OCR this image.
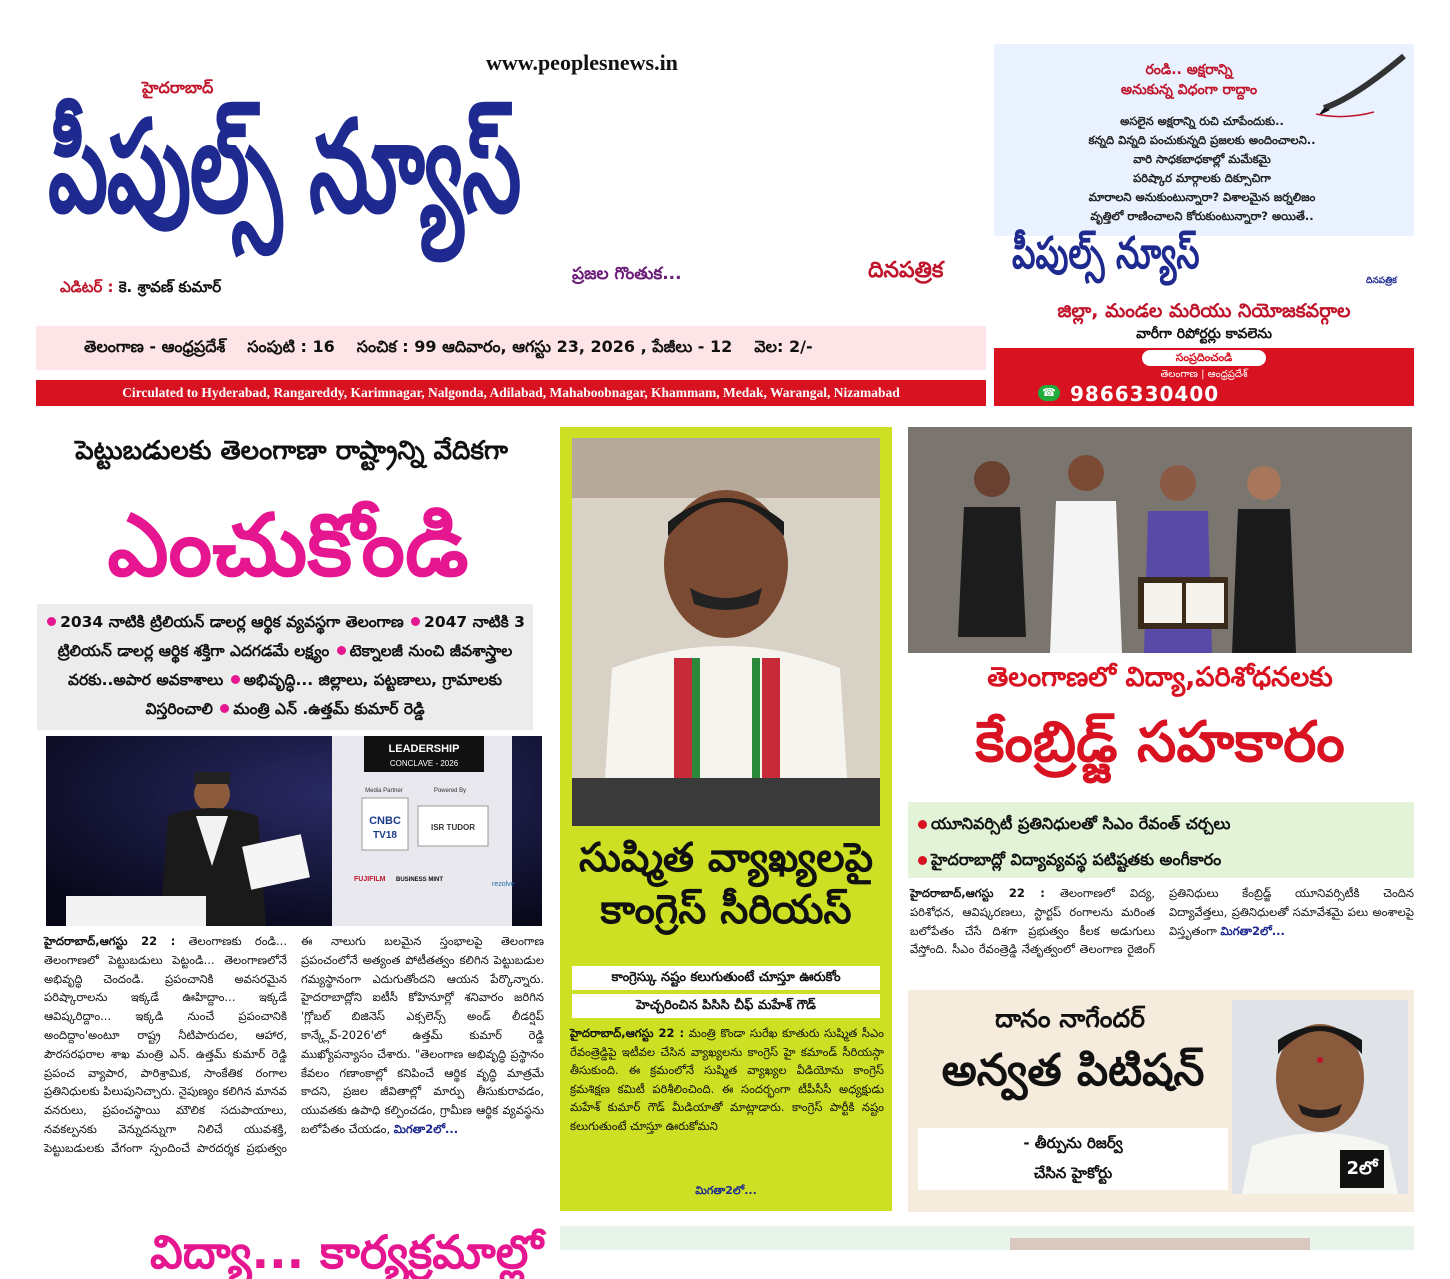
www.peoplesnews.in
హైదరాబాద్
పీపుల్స్ న్యూస్
ప్రజల గొంతుక...	దినపత్రిక
ఎడిటర్ : కె. శ్రావణ్ కుమార్
తెలంగాణ - ఆంధ్రప్రదేశ్ సంపుటి : 16 సంచిక : 99 ఆదివారం, ఆగస్టు 23, 2026 , పేజీలు - 12 వెల: 2/-
Circulated to Hyderabad, Rangareddy, Karimnagar, Nalgonda, Adilabad, Mahaboobnagar, Khammam, Medak, Warangal, Nizamabad
రండి.. అక్షరాన్ని
అనుకున్న విధంగా రాద్దాం
అసలైన అక్షరాన్ని రుచి చూపేందుకు..
కన్నది విన్నది పంచుకున్నది ప్రజలకు అందించాలని..
వారి సాధకబాధకాల్లో మమేకమై
పరిష్కార మార్గాలకు దిక్సూచిగా
మారాలని అనుకుంటున్నారా? విశాలమైన జర్నలిజం
వృత్తిలో రాణించాలని కోరుకుంటున్నారా? అయితే..
పీపుల్స్ న్యూస్
దినపత్రిక
జిల్లా, మండల మరియు నియోజకవర్గాల
వారీగా రిపోర్టర్లు కావలెను
సంప్రదించండి
తెలంగాణ | ఆంధ్రప్రదేశ్
☎ 9866330400
పెట్టుబడులకు తెలంగాణా రాష్ట్రాన్ని వేదికగా
ఎంచుకోండి
2034 నాటికి ట్రిలియన్ డాలర్ల ఆర్థిక వ్యవస్థగా తెలంగాణ 2047 నాటికి 3 ట్రిలియన్ డాలర్ల ఆర్థిక శక్తిగా ఎదగడమే లక్ష్యం టెక్నాలజీ నుంచి జీవశాస్త్రాల వరకు..అపార అవకాశాలు అభివృద్ధి... జిల్లాలు, పట్టణాలు, గ్రామాలకు విస్తరించాలి మంత్రి ఎన్ .ఉత్తమ్ కుమార్ రెడ్డి
LEADERSHIP
CONCLAVE - 2026
Media Partner	Powered By
CNBC
TV18
ISR TUDOR
FUJIFILM BUSINESS MINT
rezolve
హైదరాబాద్,ఆగస్టు 22 : తెలంగాణకు రండి... తెలంగాణలో పెట్టుబడులు పెట్టండి... తెలంగాణలోనే అభివృద్ధి చెందండి. ప్రపంచానికి అవసరమైన పరిష్కారాలను ఇక్కడే ఊహిద్దాం... ఇక్కడే ఆవిష్కరిద్దాం... ఇక్కడి నుంచే ప్రపంచానికి అందిద్దాం'అంటూ రాష్ట్ర నీటిపారుదల, ఆహార, పౌరసరఫరాల శాఖ మంత్రి ఎన్. ఉత్తమ్ కుమార్ రెడ్డి ప్రపంచ వ్యాపార, పారిశ్రామిక, సాంకేతిక రంగాల ప్రతినిధులకు పిలుపునిచ్చారు. నైపుణ్యం కలిగిన మానవ వనరులు, ప్రపంచస్థాయి మౌలిక సదుపాయాలు, నవకల్పనకు వెన్నుదన్నుగా నిలిచే యువశక్తి, పెట్టుబడులకు వేగంగా స్పందించే పారదర్శక ప్రభుత్వం ఈ నాలుగు బలమైన స్తంభాలపై తెలంగాణ ప్రపంచంలోనే అత్యంత పోటీతత్వం కలిగిన పెట్టుబడుల గమ్యస్థానంగా ఎదుగుతోందని ఆయన పేర్కొన్నారు. హైదరాబాద్లోని ఐటీసీ కోహినూర్లో శనివారం జరిగిన 'గ్లోబల్ బిజినెస్ ఎక్సలెన్స్ అండ్ లీడర్షిప్ కాన్క్లేవ్-2026'లో ఉత్తమ్ కుమార్ రెడ్డి ముఖ్యోపన్యాసం చేశారు. "తెలంగాణ అభివృద్ధి ప్రస్థానం కేవలం గణాంకాల్లో కనిపించే ఆర్థిక వృద్ధి మాత్రమే కాదని, ప్రజల జీవితాల్లో మార్పు తీసుకురావడం, యువతకు ఉపాధి కల్పించడం, గ్రామీణ ఆర్థిక వ్యవస్థను బలోపేతం చేయడం, మిగతా2లో...
సుష్మిత వ్యాఖ్యలపై కాంగ్రెస్ సీరియస్
కాంగ్రెస్కు నష్టం కలుగుతుంటే చూస్తూ ఊరుకోం
హెచ్చరించిన పిసిసి చీఫ్ మహేశ్ గౌడ్
హైదరాబాద్,ఆగస్టు 22 : మంత్రి కొండా సురేఖ కూతురు సుష్మిత సీఎం రేవంత్రెడ్డిపై ఇటీవల చేసిన వ్యాఖ్యలను కాంగ్రెస్ హై కమాండ్ సీరియస్గా తీసుకుంది. ఈ క్రమంలోనే సుష్మిత వ్యాఖ్యల వీడియోను కాంగ్రెస్ క్రమశిక్షణ కమిటీ పరిశీలించింది. ఈ సందర్భంగా టీపీసీసీ అధ్యక్షుడు మహేశ్ కుమార్ గౌడ్ మీడియాతో మాట్లాడారు. కాంగ్రెస్ పార్టీకి నష్టం కలుగుతుంటే చూస్తూ ఊరుకోమని
మిగతా2లో...
తెలంగాణలో విద్యా,పరిశోధనలకు
కేంబ్రిడ్జ్ సహకారం
యూనివర్సిటీ ప్రతినిధులతో సిఎం రేవంత్ చర్చలు
హైదరాబాద్లో విద్యావ్యవస్థ పటిష్టతకు అంగీకారం
హైదరాబాద్,ఆగస్టు 22 : తెలంగాణలో విద్య, పరిశోధన, ఆవిష్కరణలు, స్టార్టప్ రంగాలను మరింత బలోపేతం చేసే దిశగా ప్రభుత్వం కీలక అడుగులు వేస్తోంది. సీఎం రేవంత్రెడ్డి నేతృత్వంలో తెలంగాణ రైజింగ్ ప్రతినిధులు కేంబ్రిడ్జ్ యూనివర్సిటీకి చెందిన విద్యావేత్తలు, ప్రతినిధులతో సమావేశమై పలు అంశాలపై విస్తృతంగా మిగతా2లో...
దానం నాగేందర్
అన్వత పిటిషన్
- తీర్పును రిజర్వ్
చేసిన హైకోర్టు	2లో
విద్యా... కార్యక్రమాల్లో
